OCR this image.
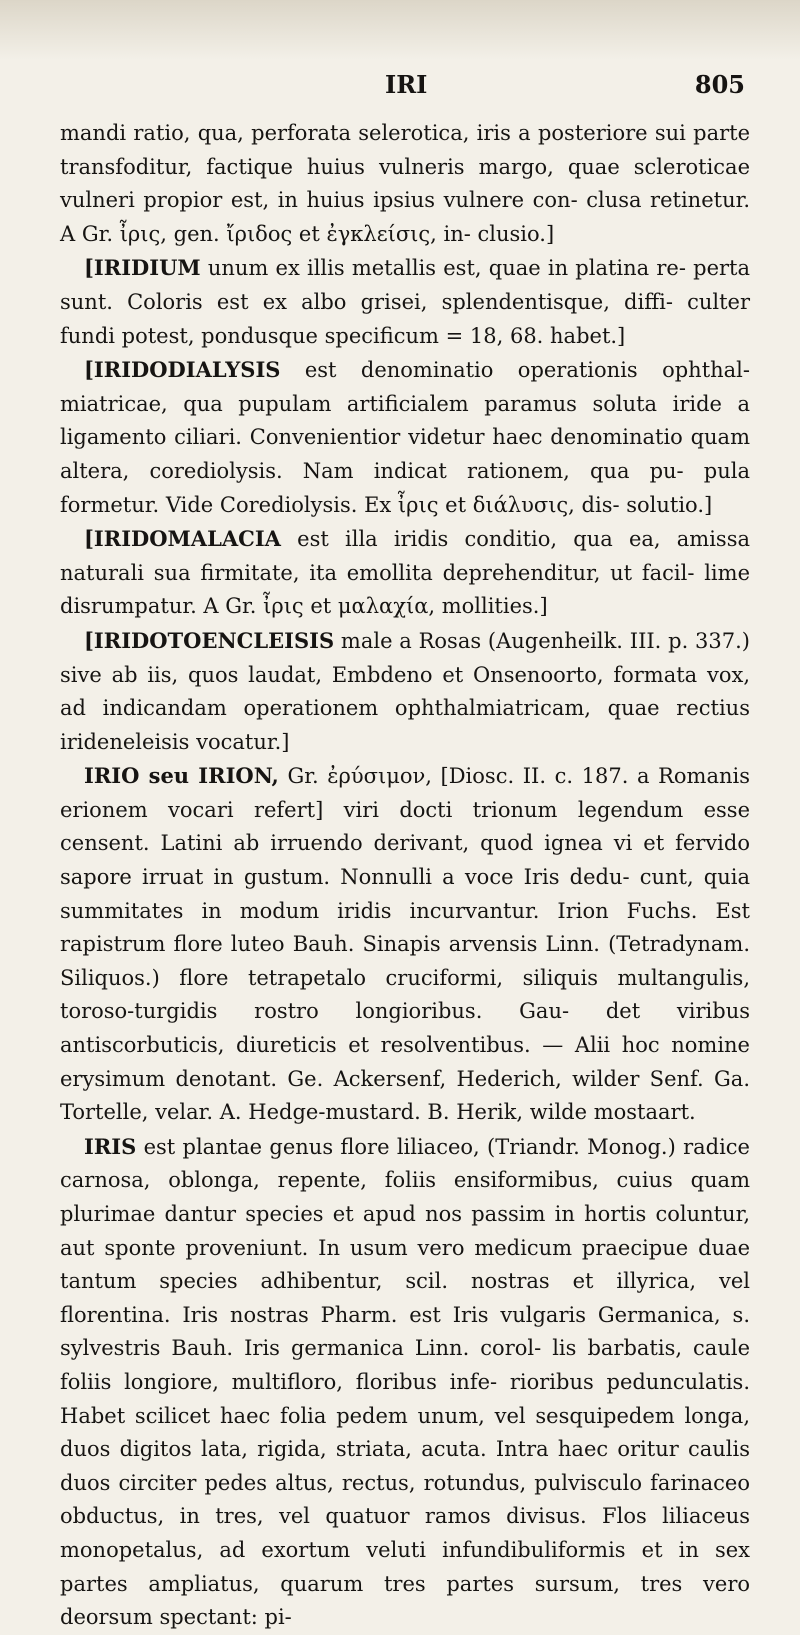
IRI	805

mandi ratio, qua, perforata selerotica, iris a posteriore sui parte transfoditur, factique huius vulneris margo, quae scleroticae vulneri propior est, in huius ipsius vulnere con- clusa retinetur. A Gr. ἶρις, gen. ἴριδος et ἐγκλείσις, in- clusio.]

[IRIDIUM unum ex illis metallis est, quae in platina re- perta sunt. Coloris est ex albo grisei, splendentisque, diffi- culter fundi potest, pondusque specificum = 18, 68. habet.]

[IRIDODIALYSIS est denominatio operationis ophthal- miatricae, qua pupulam artificialem paramus soluta iride a ligamento ciliari. Convenientior videtur haec denominatio quam altera, corediolysis. Nam indicat rationem, qua pu- pula formetur. Vide Corediolysis. Ex ἶρις et διάλυσις, dis- solutio.]

[IRIDOMALACIA est illa iridis conditio, qua ea, amissa naturali sua firmitate, ita emollita deprehenditur, ut facil- lime disrumpatur. A Gr. ἶρις et μαλαχία, mollities.]

[IRIDOTOENCLEISIS male a Rosas (Augenheilk. III. p. 337.) sive ab iis, quos laudat, Embdeno et Onsenoorto, formata vox, ad indicandam operationem ophthalmiatricam, quae rectius irideneleisis vocatur.]

IRIO seu IRION, Gr. ἐρύσιμον, [Diosc. II. c. 187. a Romanis erionem vocari refert] viri docti trionum legendum esse censent. Latini ab irruendo derivant, quod ignea vi et fervido sapore irruat in gustum. Nonnulli a voce Iris dedu- cunt, quia summitates in modum iridis incurvantur. Irion Fuchs. Est rapistrum flore luteo Bauh. Sinapis arvensis Linn. (Tetradynam. Siliquos.) flore tetrapetalo cruciformi, siliquis multangulis, toroso-turgidis rostro longioribus. Gau- det viribus antiscorbuticis, diureticis et resolventibus. — Alii hoc nomine erysimum denotant. Ge. Ackersenf, Hederich, wilder Senf. Ga. Tortelle, velar. A. Hedge-mustard. B. Herik, wilde mostaart.

IRIS est plantae genus flore liliaceo, (Triandr. Monog.) radice carnosa, oblonga, repente, foliis ensiformibus, cuius quam plurimae dantur species et apud nos passim in hortis coluntur, aut sponte proveniunt. In usum vero medicum praecipue duae tantum species adhibentur, scil. nostras et illyrica, vel florentina. Iris nostras Pharm. est Iris vulgaris Germanica, s. sylvestris Bauh. Iris germanica Linn. corol- lis barbatis, caule foliis longiore, multifloro, floribus infe- rioribus pedunculatis. Habet scilicet haec folia pedem unum, vel sesquipedem longa, duos digitos lata, rigida, striata, acuta. Intra haec oritur caulis duos circiter pedes altus, rectus, rotundus, pulvisculo farinaceo obductus, in tres, vel quatuor ramos divisus. Flos liliaceus monopetalus, ad exortum veluti infundibuliformis et in sex partes ampliatus, quarum tres partes sursum, tres vero deorsum spectant: pi-
